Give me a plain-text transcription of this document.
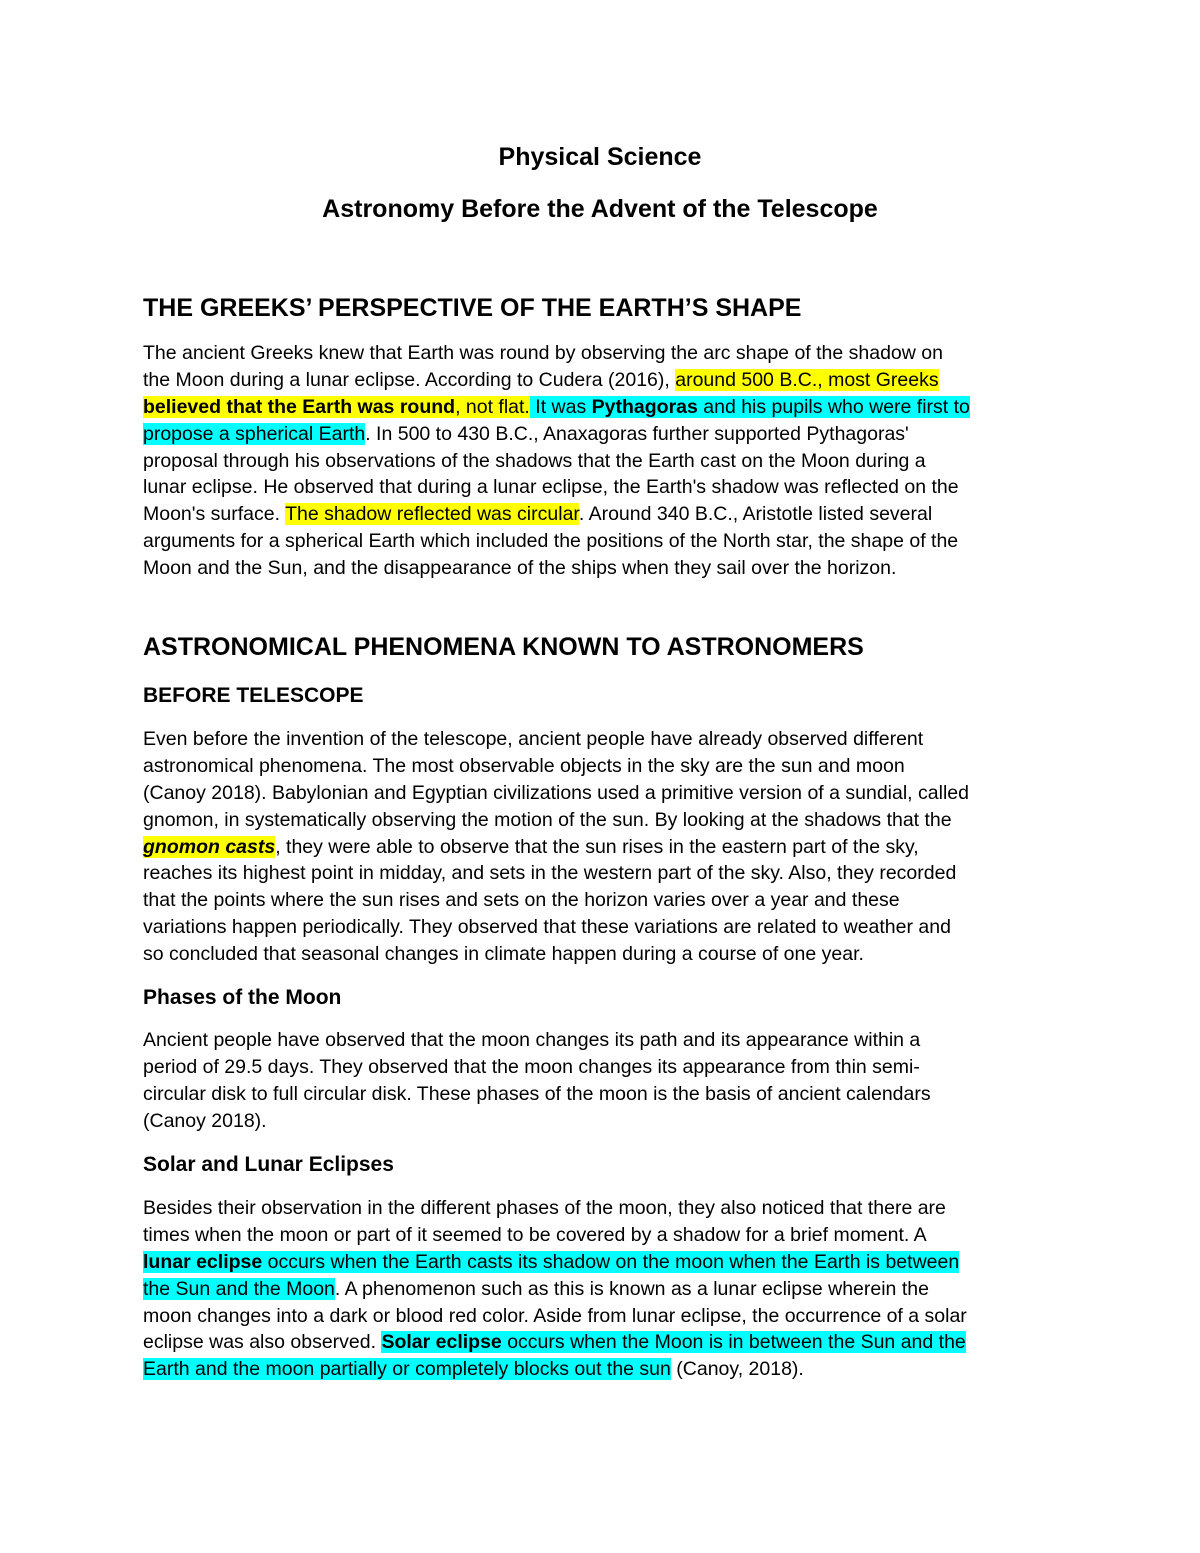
Physical Science
Astronomy Before the Advent of the Telescope
THE GREEKS’ PERSPECTIVE OF THE EARTH’S SHAPE
The ancient Greeks knew that Earth was round by observing the arc shape of the shadow on
the Moon during a lunar eclipse. According to Cudera (2016), around 500 B.C., most Greeks
believed that the Earth was round, not flat. It was Pythagoras and his pupils who were first to
propose a spherical Earth. In 500 to 430 B.C., Anaxagoras further supported Pythagoras'
proposal through his observations of the shadows that the Earth cast on the Moon during a
lunar eclipse. He observed that during a lunar eclipse, the Earth's shadow was reflected on the
Moon's surface. The shadow reflected was circular. Around 340 B.C., Aristotle listed several
arguments for a spherical Earth which included the positions of the North star, the shape of the
Moon and the Sun, and the disappearance of the ships when they sail over the horizon.
ASTRONOMICAL PHENOMENA KNOWN TO ASTRONOMERS
BEFORE TELESCOPE
Even before the invention of the telescope, ancient people have already observed different
astronomical phenomena. The most observable objects in the sky are the sun and moon
(Canoy 2018). Babylonian and Egyptian civilizations used a primitive version of a sundial, called
gnomon, in systematically observing the motion of the sun. By looking at the shadows that the
gnomon casts, they were able to observe that the sun rises in the eastern part of the sky,
reaches its highest point in midday, and sets in the western part of the sky. Also, they recorded
that the points where the sun rises and sets on the horizon varies over a year and these
variations happen periodically. They observed that these variations are related to weather and
so concluded that seasonal changes in climate happen during a course of one year.
Phases of the Moon
Ancient people have observed that the moon changes its path and its appearance within a
period of 29.5 days. They observed that the moon changes its appearance from thin semi-
circular disk to full circular disk. These phases of the moon is the basis of ancient calendars
(Canoy 2018).
Solar and Lunar Eclipses
Besides their observation in the different phases of the moon, they also noticed that there are
times when the moon or part of it seemed to be covered by a shadow for a brief moment. A
lunar eclipse occurs when the Earth casts its shadow on the moon when the Earth is between
the Sun and the Moon. A phenomenon such as this is known as a lunar eclipse wherein the
moon changes into a dark or blood red color. Aside from lunar eclipse, the occurrence of a solar
eclipse was also observed. Solar eclipse occurs when the Moon is in between the Sun and the
Earth and the moon partially or completely blocks out the sun (Canoy, 2018).
